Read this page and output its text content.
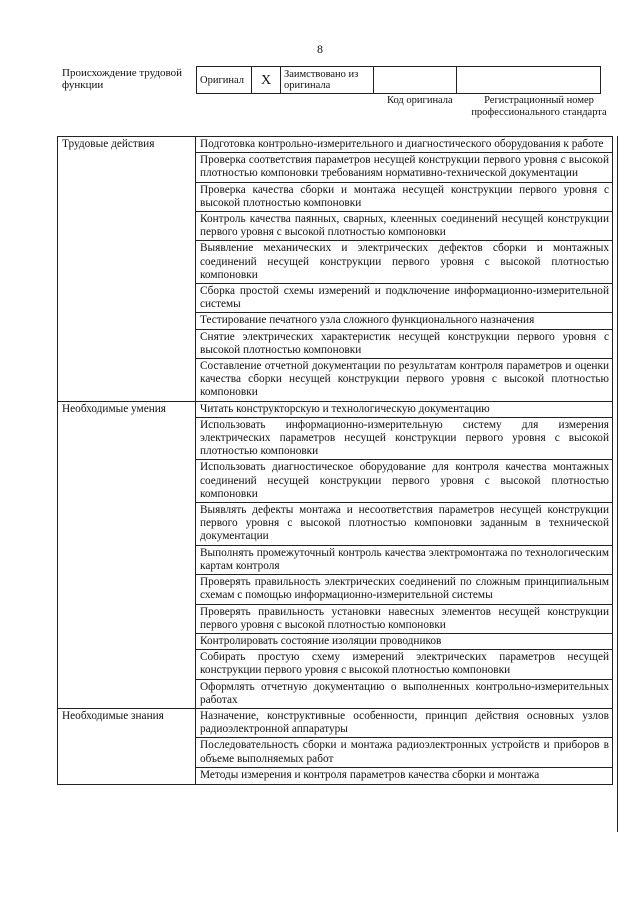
8
Происхождение трудовой функции	Оригинал	X	Заимствовано из оригинала		
Код оригинала	Регистрационный номер профессионального стандарта
Трудовые действия	Подготовка контрольно-измерительного и диагностического оборудования к работе
	Проверка соответствия параметров несущей конструкции первого уровня с высокой плотностью компоновки требованиям нормативно-технической документации
	Проверка качества сборки и монтажа несущей конструкции первого уровня с высокой плотностью компоновки
	Контроль качества паянных, сварных, клеенных соединений несущей конструкции первого уровня с высокой плотностью компоновки
	Выявление механических и электрических дефектов сборки и монтажных соединений несущей конструкции первого уровня с высокой плотностью компоновки
	Сборка простой схемы измерений и подключение информационно-измерительной системы
	Тестирование печатного узла сложного функционального назначения
	Снятие электрических характеристик несущей конструкции первого уровня с высокой плотностью компоновки
	Составление отчетной документации по результатам контроля параметров и оценки качества сборки несущей конструкции первого уровня с высокой плотностью компоновки
Необходимые умения	Читать конструкторскую и технологическую документацию
	Использовать информационно-измерительную систему для измерения электрических параметров несущей конструкции первого уровня с высокой плотностью компоновки
	Использовать диагностическое оборудование для контроля качества монтажных соединений несущей конструкции первого уровня с высокой плотностью компоновки
	Выявлять дефекты монтажа и несоответствия параметров несущей конструкции первого уровня с высокой плотностью компоновки заданным в технической документации
	Выполнять промежуточный контроль качества электромонтажа по технологическим картам контроля
	Проверять правильность электрических соединений по сложным принципиальным схемам с помощью информационно-измерительной системы
	Проверять правильность установки навесных элементов несущей конструкции первого уровня с высокой плотностью компоновки
	Контролировать состояние изоляции проводников
	Собирать простую схему измерений электрических параметров несущей конструкции первого уровня с высокой плотностью компоновки
	Оформлять отчетную документацию о выполненных контрольно-измерительных работах
Необходимые знания	Назначение, конструктивные особенности, принцип действия основных узлов радиоэлектронной аппаратуры
	Последовательность сборки и монтажа радиоэлектронных устройств и приборов в объеме выполняемых работ

	Методы измерения и контроля параметров качества сборки и монтажа
